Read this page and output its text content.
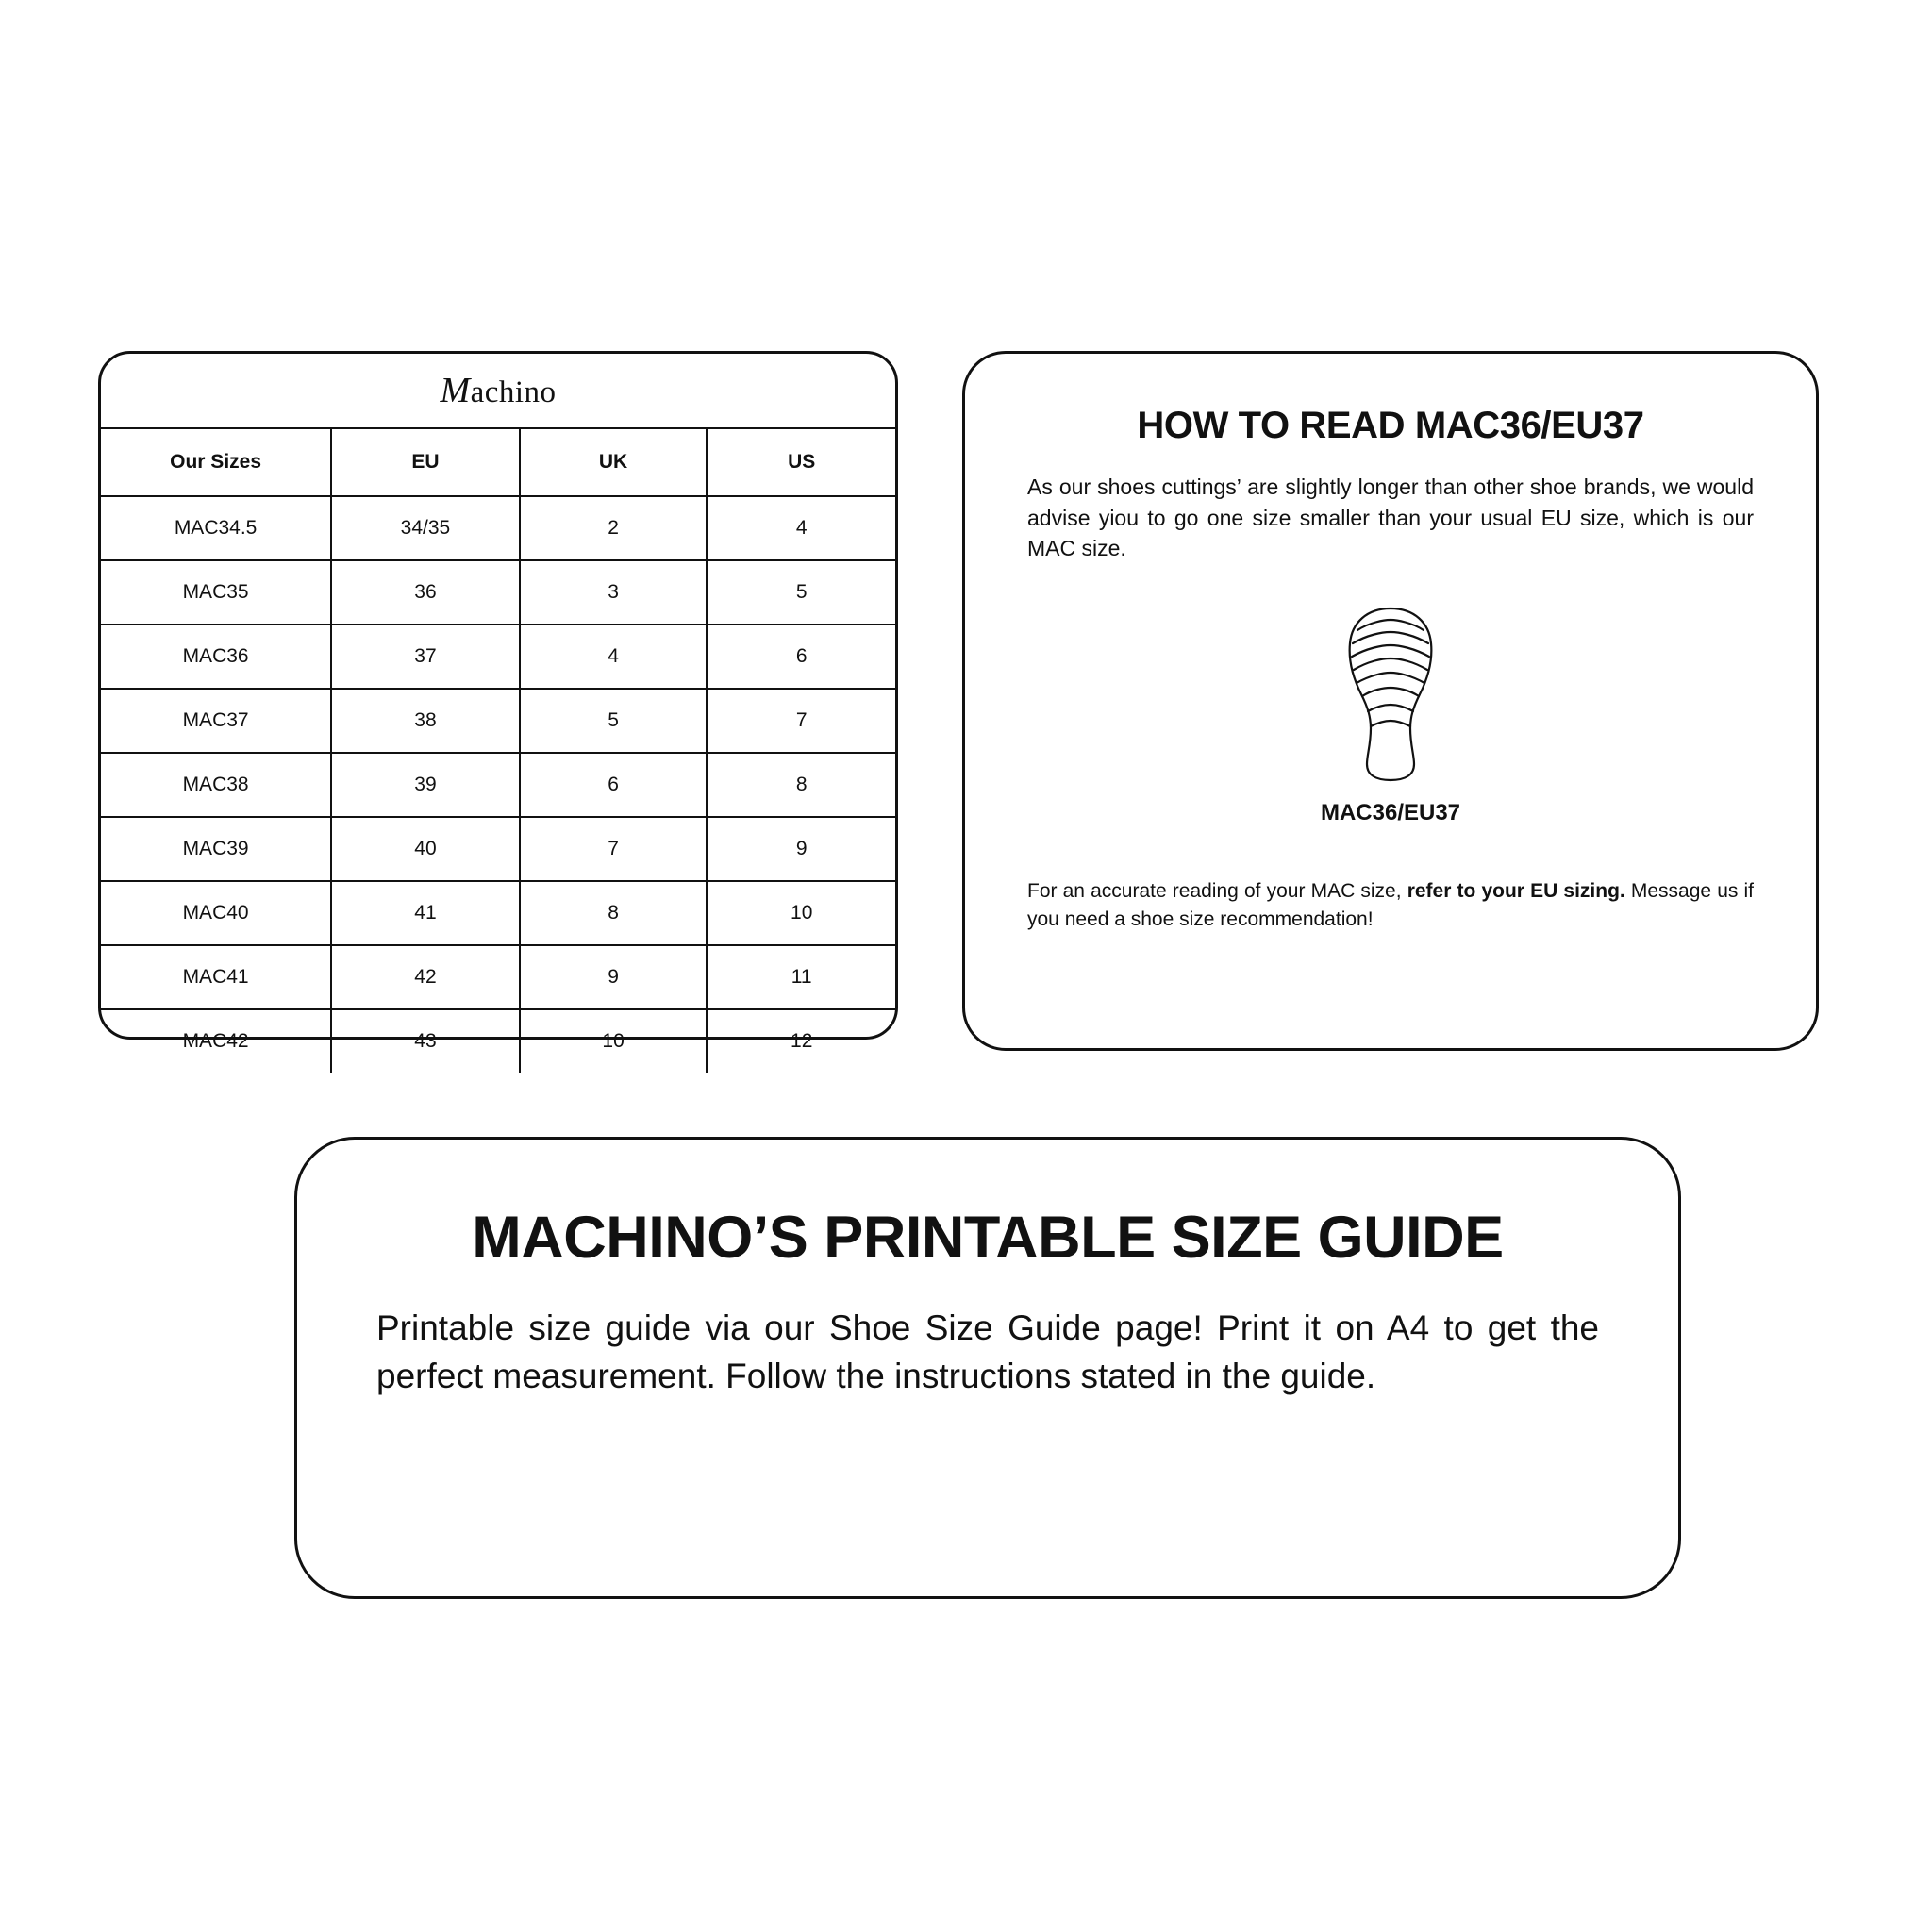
Machino
Our Sizes	EU	UK	US
MAC34.5	34/35	2	4
MAC35	36	3	5
MAC36	37	4	6
MAC37	38	5	7
MAC38	39	6	8
MAC39	40	7	9
MAC40	41	8	10
MAC41	42	9	11
MAC42	43	10	12
HOW TO READ MAC36/EU37

As our shoes cuttings’ are slightly longer than other shoe brands, we would advise yiou to go one size smaller than your usual EU size, which is our MAC size.

MAC36/EU37

For an accurate reading of your MAC size, refer to your EU sizing. Message us if you need a shoe size recommendation!

MACHINO’S PRINTABLE SIZE GUIDE

Printable size guide via our Shoe Size Guide page! Print it on A4 to get the perfect measurement. Follow the instructions stated in the guide.
